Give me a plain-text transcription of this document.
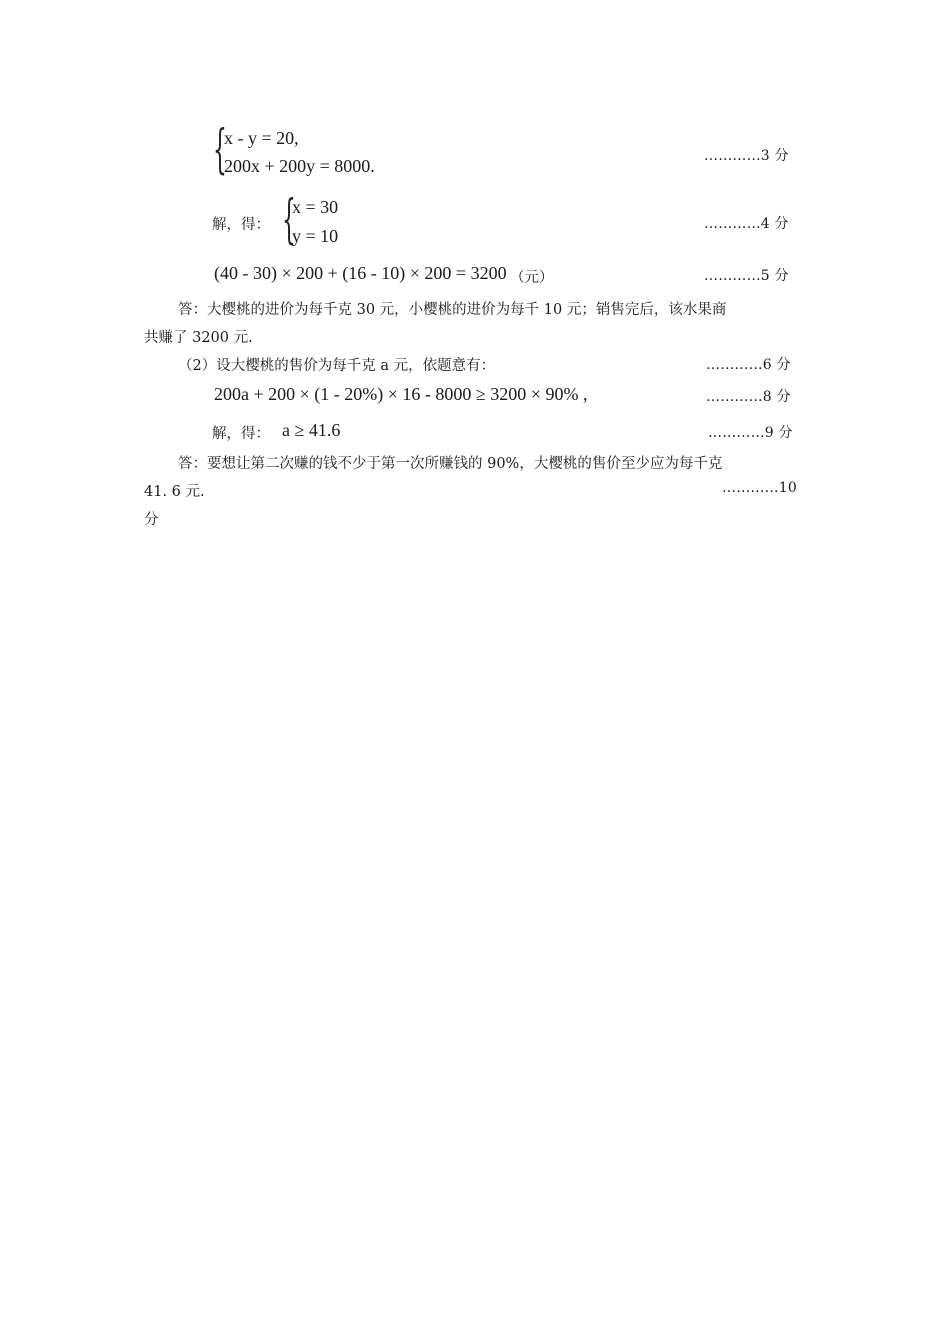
{
x - y = 20,
200x + 200y = 8000.	…………3 分
解，得： {
x = 30
y = 10
…………4 分
(40 - 30) × 200 + (16 - 10) × 200 = 3200 （元）	…………5 分
答：大樱桃的进价为每千克 30 元，小樱桃的进价为每千 10 元；销售完后，该水果商
共赚了 3200 元.
（2）设大樱桃的售价为每千克 a 元，依题意有：	…………6 分
200a + 200 × (1 - 20%) × 16 - 8000 ≥ 3200 × 90% ,	…………8 分
解，得： a ≥ 41.6	…………9 分
答：要想让第二次赚的钱不少于第一次所赚钱的 90%，大樱桃的售价至少应为每千克
41. 6 元.	…………10
分
